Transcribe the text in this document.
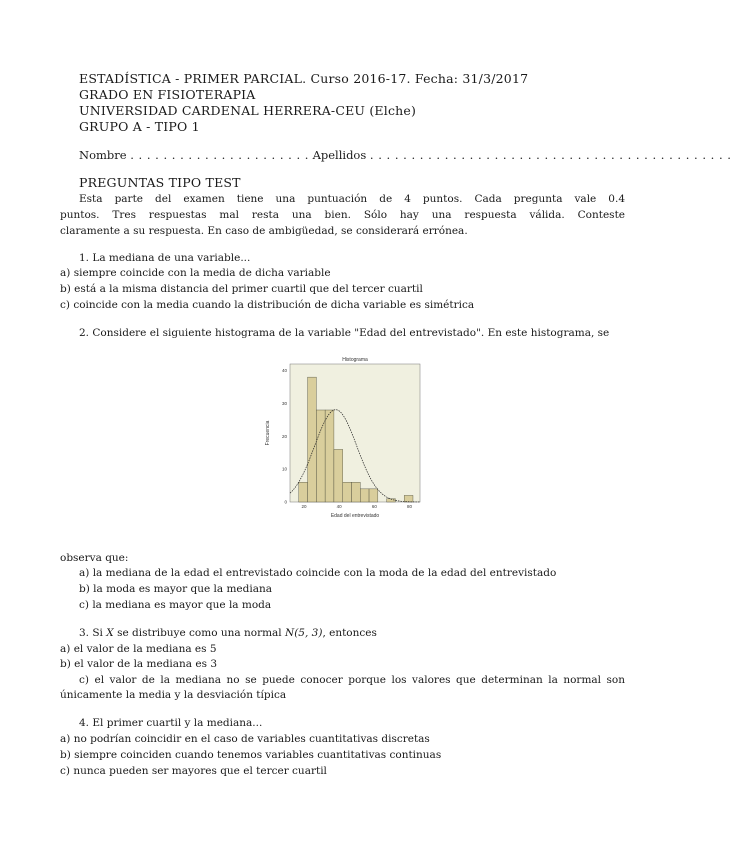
ESTADÍSTICA - PRIMER PARCIAL. Curso 2016-17. Fecha: 31/3/2017
GRADO EN FISIOTERAPIA
UNIVERSIDAD CARDENAL HERRERA-CEU (Elche)
GRUPO A - TIPO 1
Nombre . . . . . . . . . . . . . . . . . . . . . . Apellidos . . . . . . . . . . . . . . . . . . . . . . . . . . . . . . . . . . . . . . . . . . . .
PREGUNTAS TIPO TEST
Esta parte del examen tiene una puntuación de 4 puntos. Cada pregunta vale 0.4
puntos. Tres respuestas mal resta una bien. Sólo hay una respuesta válida. Conteste
claramente a su respuesta. En caso de ambigüedad, se considerará errónea.
1. La mediana de una variable...
a) siempre coincide con la media de dicha variable
b) está a la misma distancia del primer cuartil que del tercer cuartil
c) coincide con la media cuando la distribución de dicha variable es simétrica
2. Considere el siguiente histograma de la variable "Edad del entrevistado". En este histograma, se
Histograma
40
30
20
10
0
20	40	60	80
Frecuencia
Edad del entrevistado
observa que:
a) la mediana de la edad el entrevistado coincide con la moda de la edad del entrevistado
b) la moda es mayor que la mediana
c) la mediana es mayor que la moda
3. Si X se distribuye como una normal N(5, 3), entonces
a) el valor de la mediana es 5
b) el valor de la mediana es 3
c) el valor de la mediana no se puede conocer porque los valores que determinan la normal son
únicamente la media y la desviación típica
4. El primer cuartil y la mediana...
a) no podrían coincidir en el caso de variables cuantitativas discretas
b) siempre coinciden cuando tenemos variables cuantitativas continuas
c) nunca pueden ser mayores que el tercer cuartil
